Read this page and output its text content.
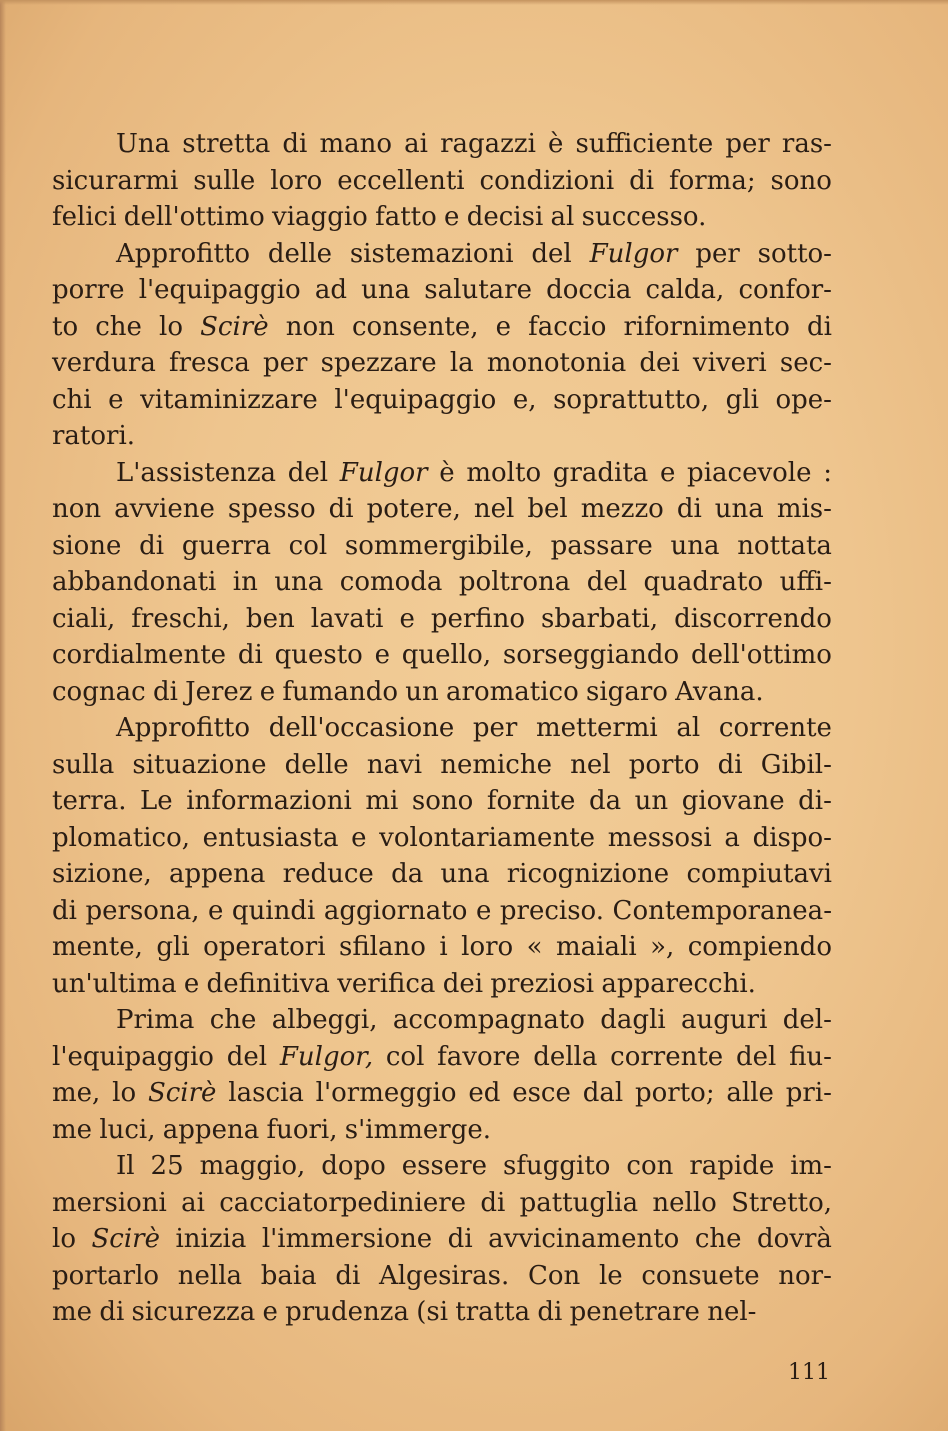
Una stretta di mano ai ragazzi è sufficiente per ras-
sicurarmi sulle loro eccellenti condizioni di forma; sono
felici dell'ottimo viaggio fatto e decisi al successo.
Approfitto delle sistemazioni del Fulgor per sotto-
porre l'equipaggio ad una salutare doccia calda, confor-
to che lo Scirè non consente, e faccio rifornimento di
verdura fresca per spezzare la monotonia dei viveri sec-
chi e vitaminizzare l'equipaggio e, soprattutto, gli ope-
ratori.
L'assistenza del Fulgor è molto gradita e piacevole :
non avviene spesso di potere, nel bel mezzo di una mis-
sione di guerra col sommergibile, passare una nottata
abbandonati in una comoda poltrona del quadrato uffi-
ciali, freschi, ben lavati e perfino sbarbati, discorrendo
cordialmente di questo e quello, sorseggiando dell'ottimo
cognac di Jerez e fumando un aromatico sigaro Avana.
Approfitto dell'occasione per mettermi al corrente
sulla situazione delle navi nemiche nel porto di Gibil-
terra. Le informazioni mi sono fornite da un giovane di-
plomatico, entusiasta e volontariamente messosi a dispo-
sizione, appena reduce da una ricognizione compiutavi
di persona, e quindi aggiornato e preciso. Contemporanea-
mente, gli operatori sfilano i loro « maiali », compiendo
un'ultima e definitiva verifica dei preziosi apparecchi.
Prima che albeggi, accompagnato dagli auguri del-
l'equipaggio del Fulgor, col favore della corrente del fiu-
me, lo Scirè lascia l'ormeggio ed esce dal porto; alle pri-
me luci, appena fuori, s'immerge.
Il 25 maggio, dopo essere sfuggito con rapide im-
mersioni ai cacciatorpediniere di pattuglia nello Stretto,
lo Scirè inizia l'immersione di avvicinamento che dovrà
portarlo nella baia di Algesiras. Con le consuete nor-
me di sicurezza e prudenza (si tratta di penetrare nel-
111
